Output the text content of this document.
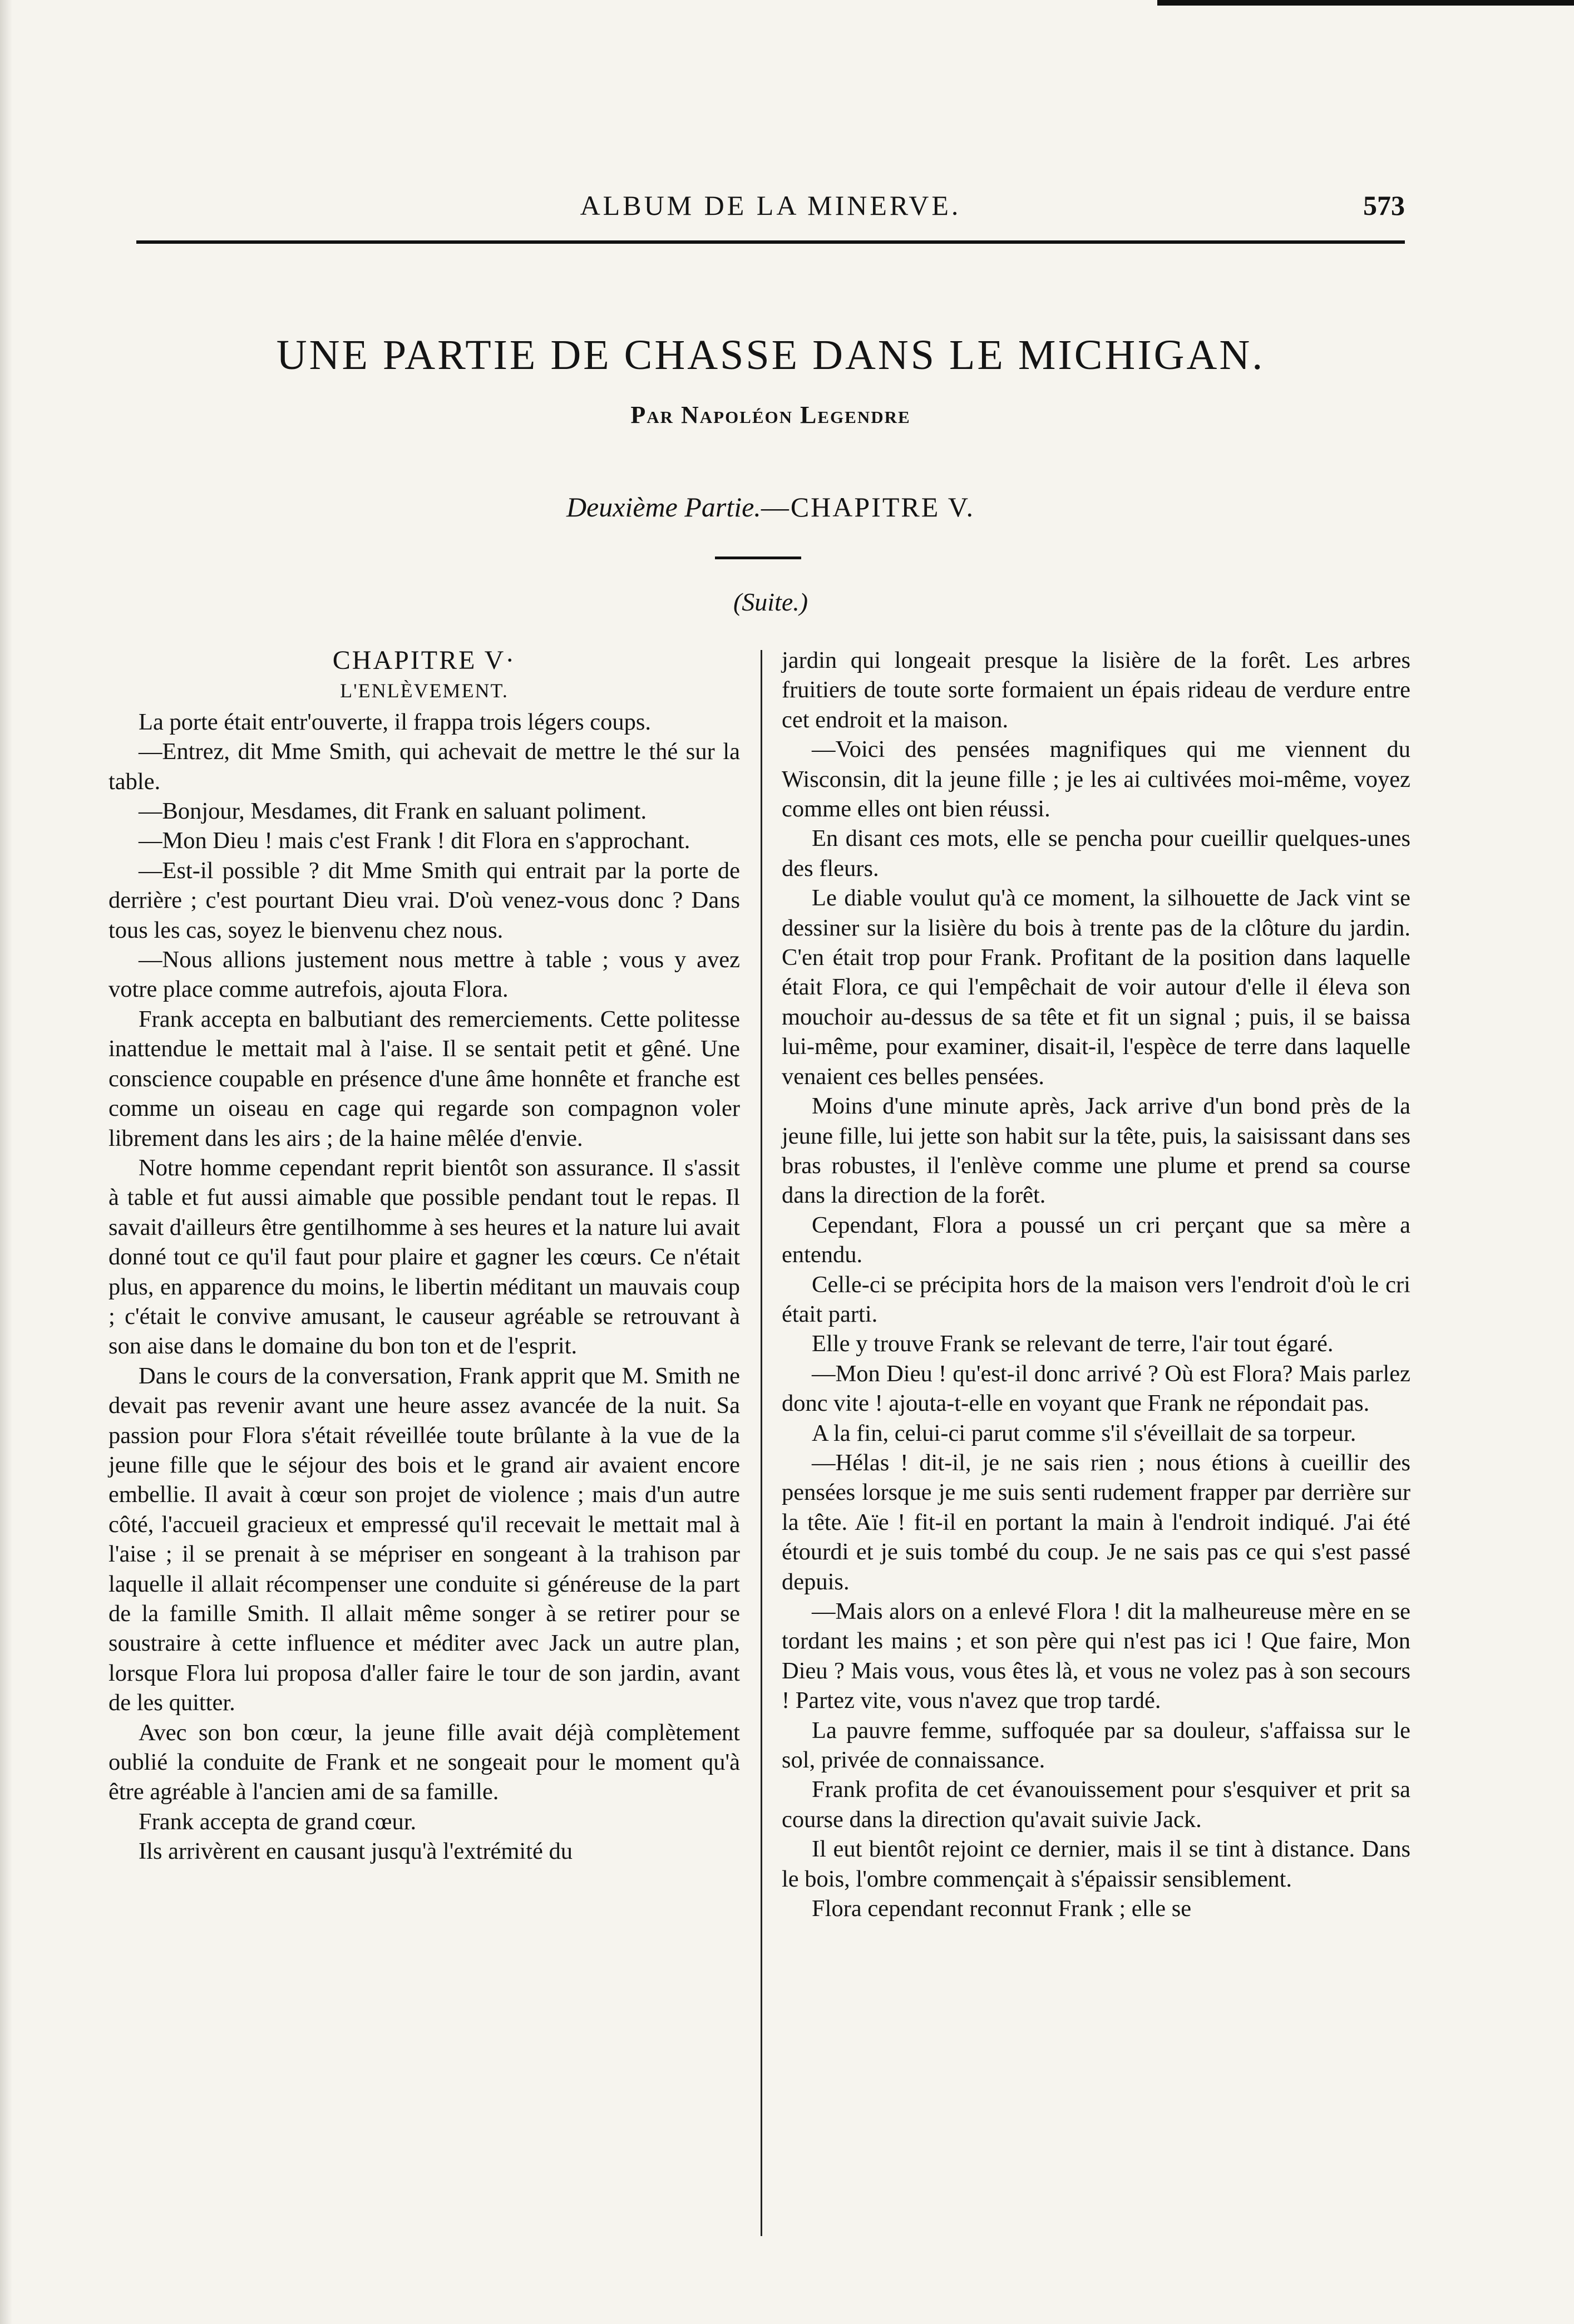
ALBUM DE LA MINERVE.	573
UNE PARTIE DE CHASSE DANS LE MICHIGAN.
Par Napoléon Legendre
Deuxième Partie.—CHAPITRE V.
(Suite.)
CHAPITRE V·
L'ENLÈVEMENT.

La porte était entr'ouverte, il frappa trois légers coups.

—Entrez, dit Mme Smith, qui achevait de mettre le thé sur la table.

—Bonjour, Mesdames, dit Frank en saluant poliment.

—Mon Dieu ! mais c'est Frank ! dit Flora en s'approchant.

—Est-il possible ? dit Mme Smith qui entrait par la porte de derrière ; c'est pourtant Dieu vrai. D'où venez-vous donc ? Dans tous les cas, soyez le bienvenu chez nous.

—Nous allions justement nous mettre à table ; vous y avez votre place comme autrefois, ajouta Flora.

Frank accepta en balbutiant des remerciements. Cette politesse inattendue le mettait mal à l'aise. Il se sentait petit et gêné. Une conscience coupable en présence d'une âme honnête et franche est comme un oiseau en cage qui regarde son compagnon voler librement dans les airs ; de la haine mêlée d'envie.

Notre homme cependant reprit bientôt son assurance. Il s'assit à table et fut aussi aimable que possible pendant tout le repas. Il savait d'ailleurs être gentilhomme à ses heures et la nature lui avait donné tout ce qu'il faut pour plaire et gagner les cœurs. Ce n'était plus, en apparence du moins, le libertin méditant un mauvais coup ; c'était le convive amusant, le causeur agréable se retrouvant à son aise dans le domaine du bon ton et de l'esprit.

Dans le cours de la conversation, Frank apprit que M. Smith ne devait pas revenir avant une heure assez avancée de la nuit. Sa passion pour Flora s'était réveillée toute brûlante à la vue de la jeune fille que le séjour des bois et le grand air avaient encore embellie. Il avait à cœur son projet de violence ; mais d'un autre côté, l'accueil gracieux et empressé qu'il recevait le mettait mal à l'aise ; il se prenait à se mépriser en songeant à la trahison par laquelle il allait récompenser une conduite si généreuse de la part de la famille Smith. Il allait même songer à se retirer pour se soustraire à cette influence et méditer avec Jack un autre plan, lorsque Flora lui proposa d'aller faire le tour de son jardin, avant de les quitter.

Avec son bon cœur, la jeune fille avait déjà complètement oublié la conduite de Frank et ne songeait pour le moment qu'à être agréable à l'ancien ami de sa famille.

Frank accepta de grand cœur.

Ils arrivèrent en causant jusqu'à l'extrémité du

jardin qui longeait presque la lisière de la forêt. Les arbres fruitiers de toute sorte formaient un épais rideau de verdure entre cet endroit et la maison.

—Voici des pensées magnifiques qui me viennent du Wisconsin, dit la jeune fille ; je les ai cultivées moi-même, voyez comme elles ont bien réussi.

En disant ces mots, elle se pencha pour cueillir quelques-unes des fleurs.

Le diable voulut qu'à ce moment, la silhouette de Jack vint se dessiner sur la lisière du bois à trente pas de la clôture du jardin. C'en était trop pour Frank. Profitant de la position dans laquelle était Flora, ce qui l'empêchait de voir autour d'elle il éleva son mouchoir au-dessus de sa tête et fit un signal ; puis, il se baissa lui-même, pour examiner, disait-il, l'espèce de terre dans laquelle venaient ces belles pensées.

Moins d'une minute après, Jack arrive d'un bond près de la jeune fille, lui jette son habit sur la tête, puis, la saisissant dans ses bras robustes, il l'enlève comme une plume et prend sa course dans la direction de la forêt.

Cependant, Flora a poussé un cri perçant que sa mère a entendu.

Celle-ci se précipita hors de la maison vers l'endroit d'où le cri était parti.

Elle y trouve Frank se relevant de terre, l'air tout égaré.

—Mon Dieu ! qu'est-il donc arrivé ? Où est Flora? Mais parlez donc vite ! ajouta-t-elle en voyant que Frank ne répondait pas.

A la fin, celui-ci parut comme s'il s'éveillait de sa torpeur.

—Hélas ! dit-il, je ne sais rien ; nous étions à cueillir des pensées lorsque je me suis senti rudement frapper par derrière sur la tête. Aïe ! fit-il en portant la main à l'endroit indiqué. J'ai été étourdi et je suis tombé du coup. Je ne sais pas ce qui s'est passé depuis.

—Mais alors on a enlevé Flora ! dit la malheureuse mère en se tordant les mains ; et son père qui n'est pas ici ! Que faire, Mon Dieu ? Mais vous, vous êtes là, et vous ne volez pas à son secours ! Partez vite, vous n'avez que trop tardé.

La pauvre femme, suffoquée par sa douleur, s'affaissa sur le sol, privée de connaissance.

Frank profita de cet évanouissement pour s'esquiver et prit sa course dans la direction qu'avait suivie Jack.

Il eut bientôt rejoint ce dernier, mais il se tint à distance. Dans le bois, l'ombre commençait à s'épaissir sensiblement.

Flora cependant reconnut Frank ; elle se
